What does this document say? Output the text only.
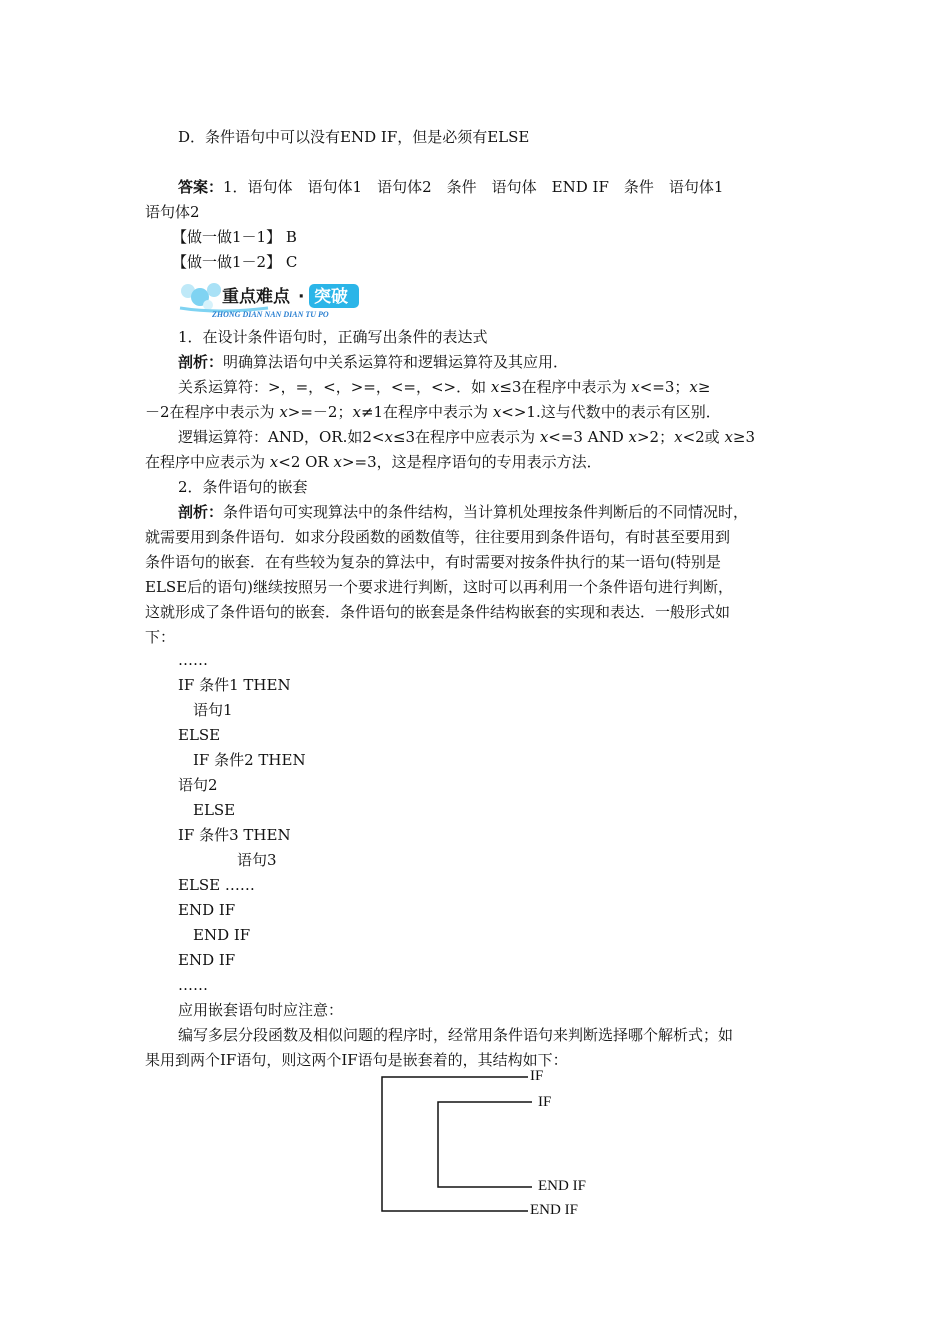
D．条件语句中可以没有END IF，但是必须有ELSE
答案：1．语句体　语句体1　语句体2　条件　语句体　END IF　条件　语句体1
语句体2
【做一做1－1】 B
【做一做1－2】 C
重点难点 · 突破
ZHONG DIAN NAN DIAN TU PO
1．在设计条件语句时，正确写出条件的表达式
剖析：明确算法语句中关系运算符和逻辑运算符及其应用．
关系运算符：>，=，<，>=，<=，<>．如 x≤3在程序中表示为 x<=3；x≥
－2在程序中表示为 x>=－2；x≠1在程序中表示为 x<>1.这与代数中的表示有区别．
逻辑运算符：AND，OR.如2<x≤3在程序中应表示为 x<=3 AND x>2；x<2或 x≥3
在程序中应表示为 x<2 OR x>=3，这是程序语句的专用表示方法．
2．条件语句的嵌套
剖析：条件语句可实现算法中的条件结构，当计算机处理按条件判断后的不同情况时，
就需要用到条件语句．如求分段函数的函数值等，往往要用到条件语句，有时甚至要用到
条件语句的嵌套．在有些较为复杂的算法中，有时需要对按条件执行的某一语句(特别是
ELSE后的语句)继续按照另一个要求进行判断，这时可以再利用一个条件语句进行判断，
这就形成了条件语句的嵌套．条件语句的嵌套是条件结构嵌套的实现和表达．一般形式如
下：
……
IF 条件1 THEN
语句1
ELSE
IF 条件2 THEN
语句2
ELSE
IF 条件3 THEN
语句3
ELSE ……
END IF
END IF
END IF
……
应用嵌套语句时应注意：
编写多层分段函数及相似问题的程序时，经常用条件语句来判断选择哪个解析式；如
果用到两个IF语句，则这两个IF语句是嵌套着的，其结构如下：
IF
IF
END IF
END IF
